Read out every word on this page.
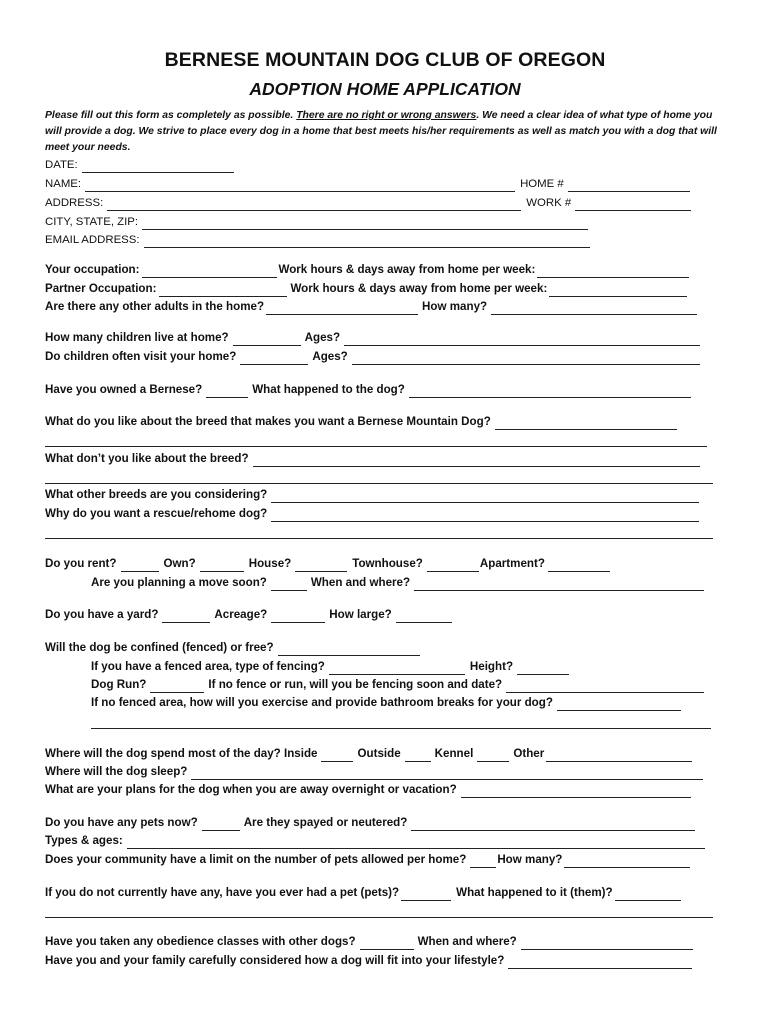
BERNESE MOUNTAIN DOG CLUB OF OREGON
ADOPTION HOME APPLICATION
Please fill out this form as completely as possible. There are no right or wrong answers. We need a clear idea of what type of home you will provide a dog. We strive to place every dog in a home that best meets his/her requirements as well as match you with a dog that will meet your needs.
DATE:
NAME:	HOME #
ADDRESS:	WORK #
CITY, STATE, ZIP:
EMAIL ADDRESS:
Your occupation:	Work hours & days away from home per week:
Partner Occupation:	Work hours & days away from home per week:
Are there any other adults in the home?	How many?
How many children live at home?	Ages?
Do children often visit your home?	Ages?
Have you owned a Bernese?	What happened to the dog?
What do you like about the breed that makes you want a Bernese Mountain Dog?
What don’t you like about the breed?
What other breeds are you considering?
Why do you want a rescue/rehome dog?
Do you rent?	Own?	House?	Townhouse?	Apartment?
Are you planning a move soon?	When and where?
Do you have a yard?	Acreage?	How large?
Will the dog be confined (fenced) or free?
If you have a fenced area, type of fencing?	Height?
Dog Run?	If no fence or run, will you be fencing soon and date?
If no fenced area, how will you exercise and provide bathroom breaks for your dog?
Where will the dog spend most of the day? Inside	Outside	Kennel	Other
Where will the dog sleep?
What are your plans for the dog when you are away overnight or vacation?
Do you have any pets now?	Are they spayed or neutered?
Types & ages:
Does your community have a limit on the number of pets allowed per home?	How many?
If you do not currently have any, have you ever had a pet (pets)?	What happened to it (them)?
Have you taken any obedience classes with other dogs?	When and where?
Have you and your family carefully considered how a dog will fit into your lifestyle?
